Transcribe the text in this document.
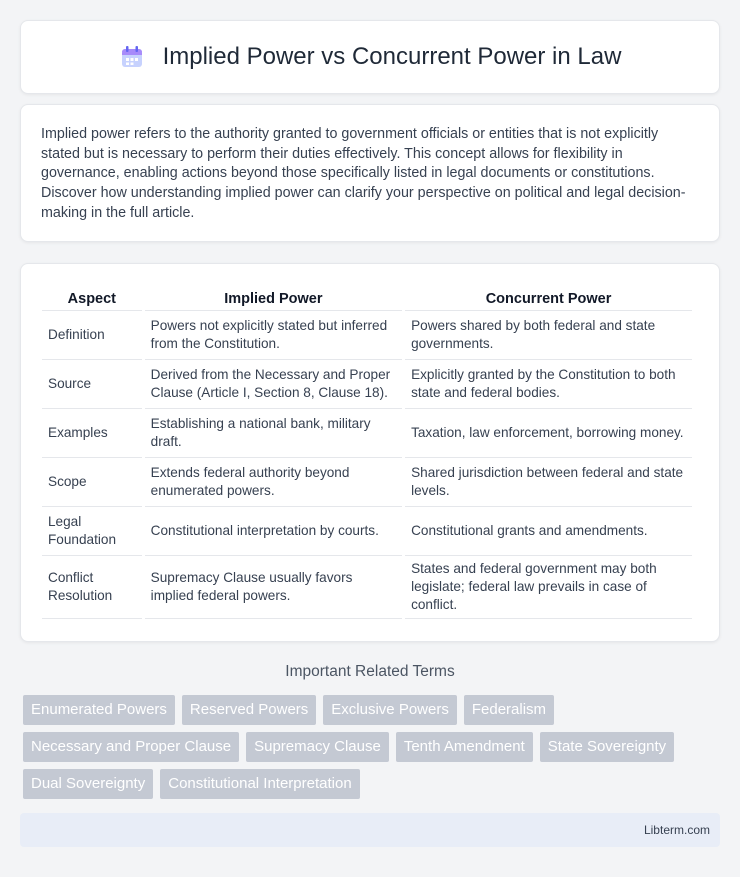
Implied Power vs Concurrent Power in Law

Implied power refers to the authority granted to government officials or entities that is not explicitly stated but is necessary to perform their duties effectively. This concept allows for flexibility in governance, enabling actions beyond those specifically listed in legal documents or constitutions. Discover how understanding implied power can clarify your perspective on political and legal decision-making in the full article.

Aspect	Implied Power	Concurrent Power
Definition	Powers not explicitly stated but inferred from the Constitution.	Powers shared by both federal and state governments.
Source	Derived from the Necessary and Proper Clause (Article I, Section 8, Clause 18).	Explicitly granted by the Constitution to both state and federal bodies.
Examples	Establishing a national bank, military draft.	Taxation, law enforcement, borrowing money.
Scope	Extends federal authority beyond enumerated powers.	Shared jurisdiction between federal and state levels.
Legal Foundation	Constitutional interpretation by courts.	Constitutional grants and amendments.
Conflict Resolution	Supremacy Clause usually favors implied federal powers.	States and federal government may both legislate; federal law prevails in case of conflict.
Important Related Terms
Enumerated Powers	Reserved Powers	Exclusive Powers	Federalism
Necessary and Proper Clause	Supremacy Clause	Tenth Amendment	State Sovereignty
Dual Sovereignty	Constitutional Interpretation
Libterm.com
